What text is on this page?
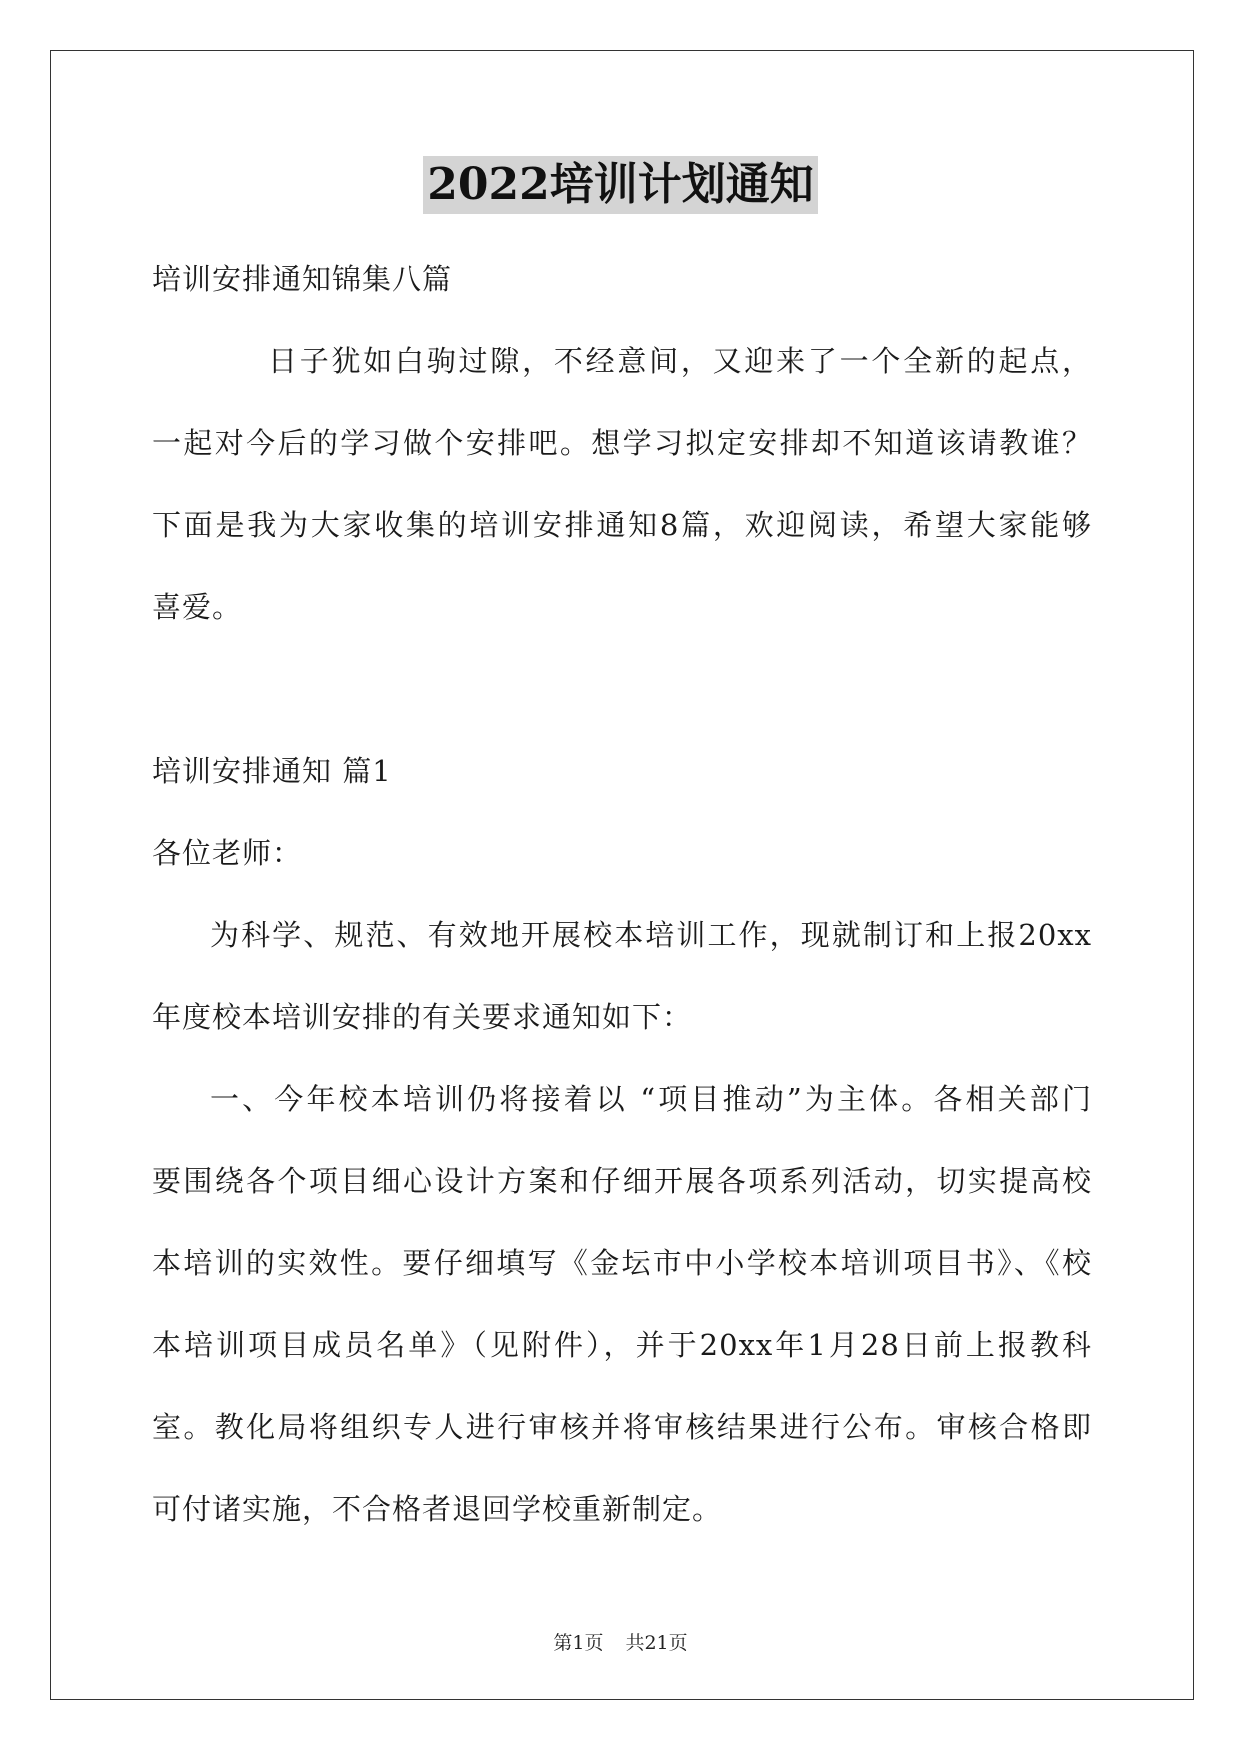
2022培训计划通知
培训安排通知锦集八篇
日子犹如白驹过隙，不经意间，又迎来了一个全新的起点，
一起对今后的学习做个安排吧。想学习拟定安排却不知道该请教谁？
下面是我为大家收集的培训安排通知8篇，欢迎阅读，希望大家能够
喜爱。
培训安排通知 篇1
各位老师：
为科学、规范、有效地开展校本培训工作，现就制订和上报20xx
年度校本培训安排的有关要求通知如下：
一、今年校本培训仍将接着以 “项目推动”为主体。各相关部门
要围绕各个项目细心设计方案和仔细开展各项系列活动，切实提高校
本培训的实效性。要仔细填写《金坛市中小学校本培训项目书》、《校
本培训项目成员名单》（见附件），并于20xx年1月28日前上报教科
室。教化局将组织专人进行审核并将审核结果进行公布。审核合格即
可付诸实施，不合格者退回学校重新制定。
第1页 共21页
